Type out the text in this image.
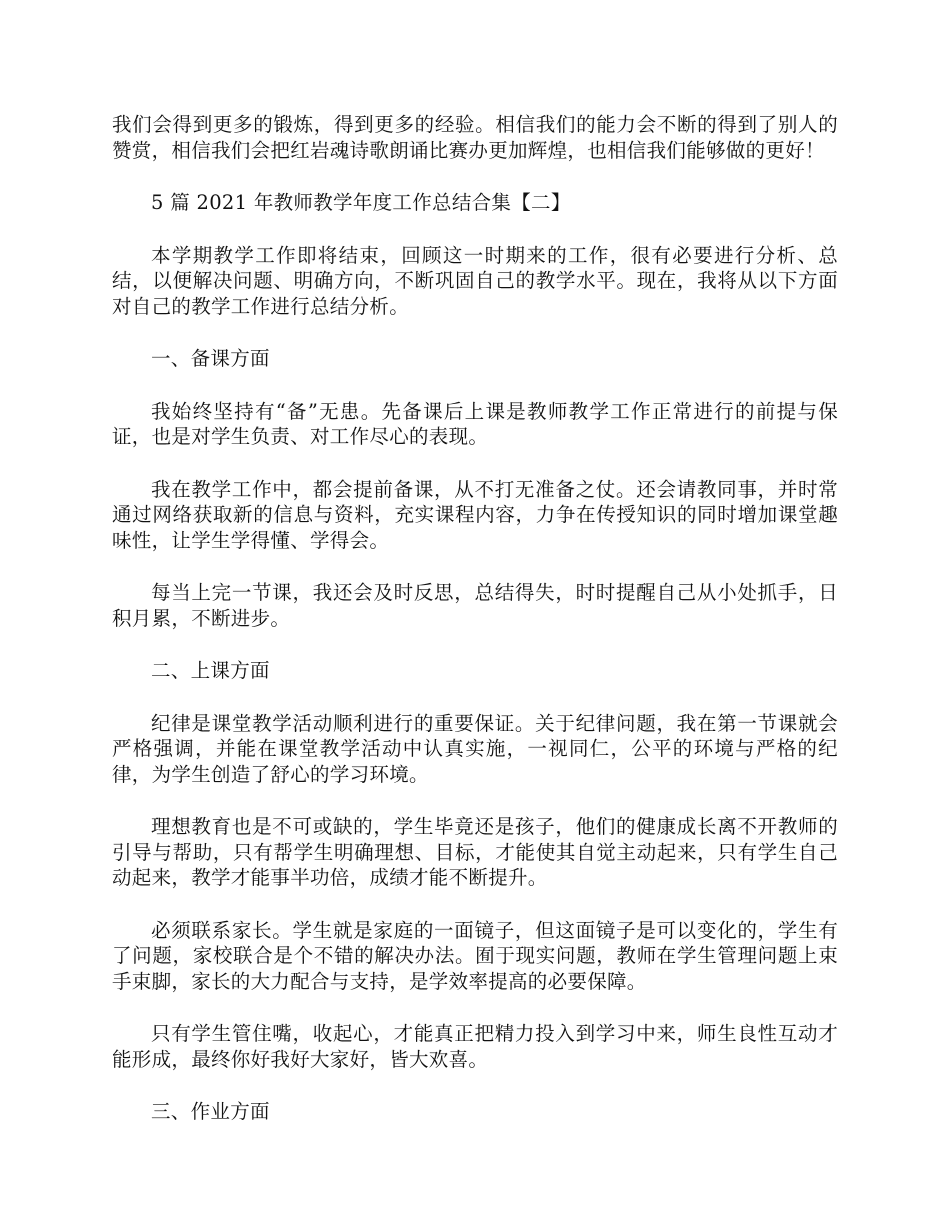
我们会得到更多的锻炼，得到更多的经验。相信我们的能力会不断的得到了别人的赞赏，相信我们会把红岩魂诗歌朗诵比赛办更加辉煌，也相信我们能够做的更好！

5 篇 2021 年教师教学年度工作总结合集【二】

本学期教学工作即将结束，回顾这一时期来的工作，很有必要进行分析、总结，以便解决问题、明确方向，不断巩固自己的教学水平。现在，我将从以下方面对自己的教学工作进行总结分析。

一、备课方面

我始终坚持有“备”无患。先备课后上课是教师教学工作正常进行的前提与保证，也是对学生负责、对工作尽心的表现。

我在教学工作中，都会提前备课，从不打无准备之仗。还会请教同事，并时常通过网络获取新的信息与资料，充实课程内容，力争在传授知识的同时增加课堂趣味性，让学生学得懂、学得会。

每当上完一节课，我还会及时反思，总结得失，时时提醒自己从小处抓手，日积月累，不断进步。

二、上课方面

纪律是课堂教学活动顺利进行的重要保证。关于纪律问题，我在第一节课就会严格强调，并能在课堂教学活动中认真实施，一视同仁，公平的环境与严格的纪律，为学生创造了舒心的学习环境。

理想教育也是不可或缺的，学生毕竟还是孩子，他们的健康成长离不开教师的引导与帮助，只有帮学生明确理想、目标，才能使其自觉主动起来，只有学生自己动起来，教学才能事半功倍，成绩才能不断提升。

必须联系家长。学生就是家庭的一面镜子，但这面镜子是可以变化的，学生有了问题，家校联合是个不错的解决办法。囿于现实问题，教师在学生管理问题上束手束脚，家长的大力配合与支持，是学效率提高的必要保障。

只有学生管住嘴，收起心，才能真正把精力投入到学习中来，师生良性互动才能形成，最终你好我好大家好，皆大欢喜。

三、作业方面
